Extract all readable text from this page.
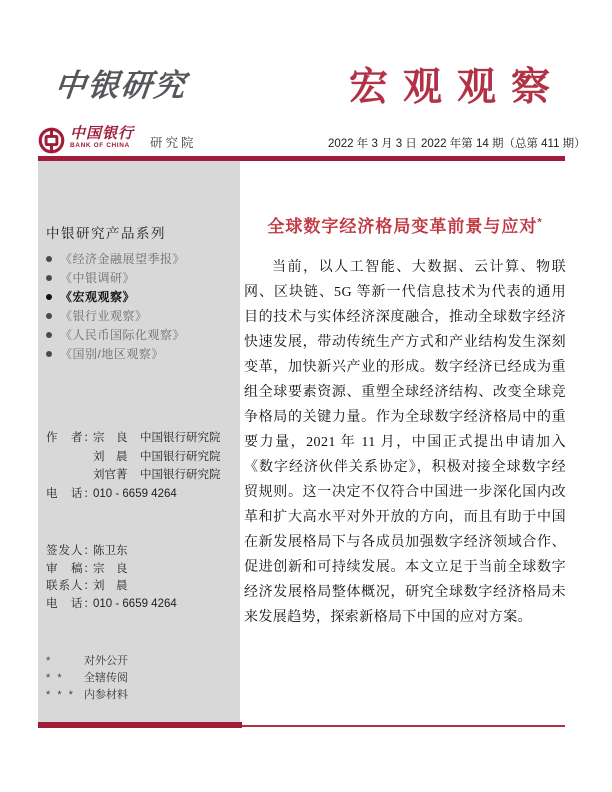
中银研究	宏观观察
中国银行
BANK OF CHINA	研究院	2022 年 3 月 3 日 2022 年第 14 期（总第 411 期）
中银研究产品系列
《经济金融展望季报》
《中银调研》
《宏观观察》
《银行业观察》
《人民币国际化观察》
《国别/地区观察》
作　者：
宗　良	中国银行研究院
刘　晨	中国银行研究院
刘官菁	中国银行研究院
电　话：
010 - 6659 4264
签发人：
陈卫东
审　稿：
宗　良
联系人：
刘　晨
电　话：
010 - 6659 4264
*	对外公开
* *	全辖传阅
* * * 内参材料
全球数字经济格局变革前景与应对*
当前，以人工智能、大数据、云计算、物联网、区块链、5G 等新一代信息技术为代表的通用目的技术与实体经济深度融合，推动全球数字经济快速发展，带动传统生产方式和产业结构发生深刻变革，加快新兴产业的形成。数字经济已经成为重组全球要素资源、重塑全球经济结构、改变全球竞争格局的关键力量。作为全球数字经济格局中的重要力量，2021 年 11 月，中国正式提出申请加入《数字经济伙伴关系协定》，积极对接全球数字经贸规则。这一决定不仅符合中国进一步深化国内改革和扩大高水平对外开放的方向，而且有助于中国在新发展格局下与各成员加强数字经济领域合作、促进创新和可持续发展。本文立足于当前全球数字经济发展格局整体概况，研究全球数字经济格局未来发展趋势，探索新格局下中国的应对方案。
